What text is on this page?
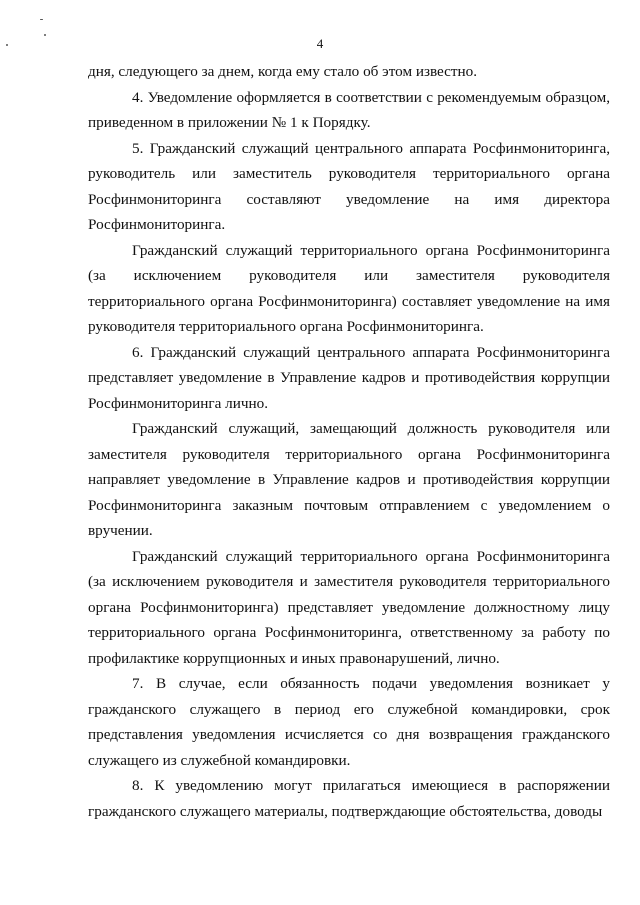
4

дня, следующего за днем, когда ему стало об этом известно.

4. Уведомление оформляется в соответствии с рекомендуемым образцом, приведенном в приложении № 1 к Порядку.

5. Гражданский служащий центрального аппарата Росфинмониторинга, руководитель или заместитель руководителя территориального органа Росфинмониторинга составляют уведомление на имя директора Росфинмониторинга.

Гражданский служащий территориального органа Росфинмониторинга (за исключением руководителя или заместителя руководителя территориального органа Росфинмониторинга) составляет уведомление на имя руководителя территориального органа Росфинмониторинга.

6. Гражданский служащий центрального аппарата Росфинмониторинга представляет уведомление в Управление кадров и противодействия коррупции Росфинмониторинга лично.

Гражданский служащий, замещающий должность руководителя или заместителя руководителя территориального органа Росфинмониторинга направляет уведомление в Управление кадров и противодействия коррупции Росфинмониторинга заказным почтовым отправлением с уведомлением о вручении.

Гражданский служащий территориального органа Росфинмониторинга (за исключением руководителя и заместителя руководителя территориального органа Росфинмониторинга) представляет уведомление должностному лицу территориального органа Росфинмониторинга, ответственному за работу по профилактике коррупционных и иных правонарушений, лично.

7. В случае, если обязанность подачи уведомления возникает у гражданского служащего в период его служебной командировки, срок представления уведомления исчисляется со дня возвращения гражданского служащего из служебной командировки.

8. К уведомлению могут прилагаться имеющиеся в распоряжении гражданского служащего материалы, подтверждающие обстоятельства, доводы
